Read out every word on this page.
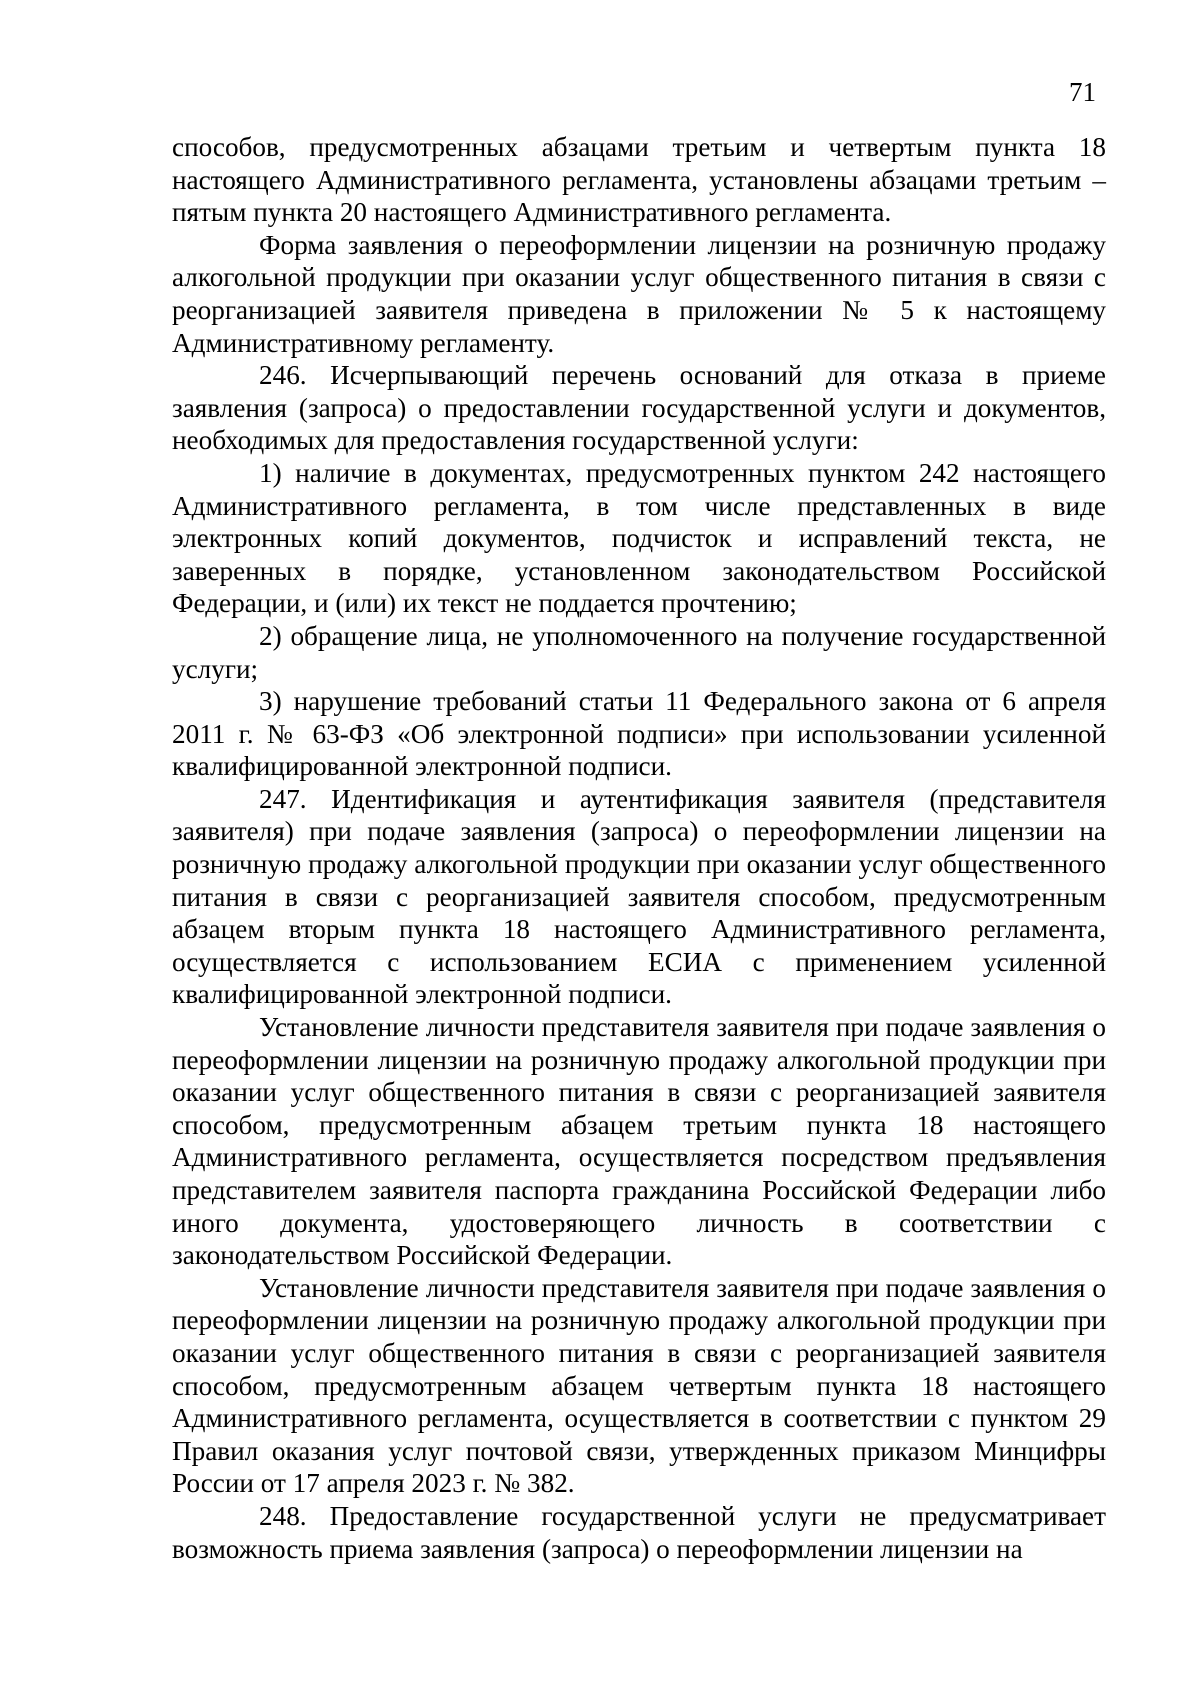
71

способов, предусмотренных абзацами третьим и четвертым пункта 18 настоящего Административного регламента, установлены абзацами третьим – пятым пункта 20 настоящего Административного регламента.

Форма заявления о переоформлении лицензии на розничную продажу алкогольной продукции при оказании услуг общественного питания в связи с реорганизацией заявителя приведена в приложении № 5 к настоящему Административному регламенту.

246. Исчерпывающий перечень оснований для отказа в приеме заявления (запроса) о предоставлении государственной услуги и документов, необходимых для предоставления государственной услуги:

1) наличие в документах, предусмотренных пунктом 242 настоящего Административного регламента, в том числе представленных в виде электронных копий документов, подчисток и исправлений текста, не заверенных в порядке, установленном законодательством Российской Федерации, и (или) их текст не поддается прочтению;

2) обращение лица, не уполномоченного на получение государственной услуги;

3) нарушение требований статьи 11 Федерального закона от 6 апреля 2011 г. № 63-ФЗ «Об электронной подписи» при использовании усиленной квалифицированной электронной подписи.

247. Идентификация и аутентификация заявителя (представителя заявителя) при подаче заявления (запроса) о переоформлении лицензии на розничную продажу алкогольной продукции при оказании услуг общественного питания в связи с реорганизацией заявителя способом, предусмотренным абзацем вторым пункта 18 настоящего Административного регламента, осуществляется с использованием ЕСИА с применением усиленной квалифицированной электронной подписи.

Установление личности представителя заявителя при подаче заявления о переоформлении лицензии на розничную продажу алкогольной продукции при оказании услуг общественного питания в связи с реорганизацией заявителя способом, предусмотренным абзацем третьим пункта 18 настоящего Административного регламента, осуществляется посредством предъявления представителем заявителя паспорта гражданина Российской Федерации либо иного документа, удостоверяющего личность в соответствии с законодательством Российской Федерации.

Установление личности представителя заявителя при подаче заявления о переоформлении лицензии на розничную продажу алкогольной продукции при оказании услуг общественного питания в связи с реорганизацией заявителя способом, предусмотренным абзацем четвертым пункта 18 настоящего Административного регламента, осуществляется в соответствии с пунктом 29 Правил оказания услуг почтовой связи, утвержденных приказом Минцифры России от 17 апреля 2023 г. № 382.

248. Предоставление государственной услуги не предусматривает возможность приема заявления (запроса) о переоформлении лицензии на
